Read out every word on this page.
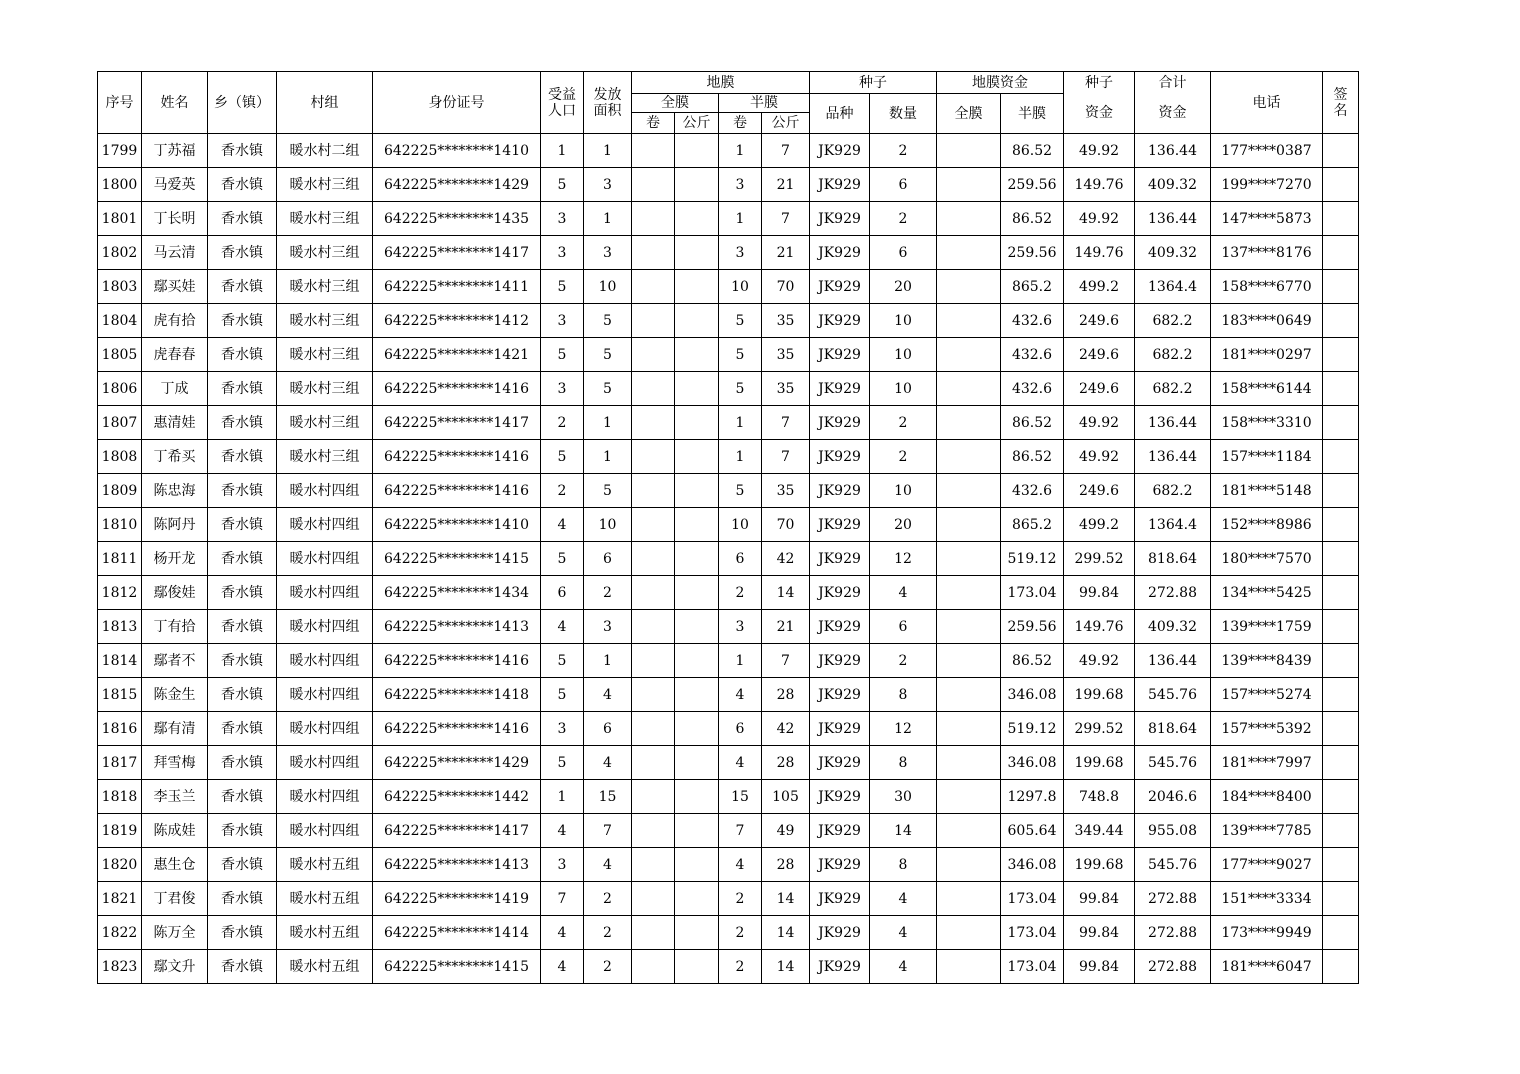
序号	姓名	乡（镇）	村组	身份证号	受益人口	发放面积	地膜				种子		地膜资金		种子	合计	电话	签名
							全膜		半膜		品种	数量	全膜	半膜	资金	资金		
							卷	公斤	卷	公斤								
1799	丁苏福	香水镇	暖水村二组	642225********1410	1	1			1	7	JK929	2		86.52	49.92	136.44	177****0387	
1800	马爱英	香水镇	暖水村三组	642225********1429	5	3			3	21	JK929	6		259.56	149.76	409.32	199****7270	
1801	丁长明	香水镇	暖水村三组	642225********1435	3	1			1	7	JK929	2		86.52	49.92	136.44	147****5873	
1802	马云清	香水镇	暖水村三组	642225********1417	3	3			3	21	JK929	6		259.56	149.76	409.32	137****8176	
1803	鄢买娃	香水镇	暖水村三组	642225********1411	5	10			10	70	JK929	20		865.2	499.2	1364.4	158****6770	
1804	虎有拾	香水镇	暖水村三组	642225********1412	3	5			5	35	JK929	10		432.6	249.6	682.2	183****0649	
1805	虎春春	香水镇	暖水村三组	642225********1421	5	5			5	35	JK929	10		432.6	249.6	682.2	181****0297	
1806	丁成	香水镇	暖水村三组	642225********1416	3	5			5	35	JK929	10		432.6	249.6	682.2	158****6144	
1807	惠清娃	香水镇	暖水村三组	642225********1417	2	1			1	7	JK929	2		86.52	49.92	136.44	158****3310	
1808	丁希买	香水镇	暖水村三组	642225********1416	5	1			1	7	JK929	2		86.52	49.92	136.44	157****1184	
1809	陈忠海	香水镇	暖水村四组	642225********1416	2	5			5	35	JK929	10		432.6	249.6	682.2	181****5148	
1810	陈阿丹	香水镇	暖水村四组	642225********1410	4	10			10	70	JK929	20		865.2	499.2	1364.4	152****8986	
1811	杨开龙	香水镇	暖水村四组	642225********1415	5	6			6	42	JK929	12		519.12	299.52	818.64	180****7570	
1812	鄢俊娃	香水镇	暖水村四组	642225********1434	6	2			2	14	JK929	4		173.04	99.84	272.88	134****5425	
1813	丁有拾	香水镇	暖水村四组	642225********1413	4	3			3	21	JK929	6		259.56	149.76	409.32	139****1759	
1814	鄢者不	香水镇	暖水村四组	642225********1416	5	1			1	7	JK929	2		86.52	49.92	136.44	139****8439	
1815	陈金生	香水镇	暖水村四组	642225********1418	5	4			4	28	JK929	8		346.08	199.68	545.76	157****5274	
1816	鄢有清	香水镇	暖水村四组	642225********1416	3	6			6	42	JK929	12		519.12	299.52	818.64	157****5392	
1817	拜雪梅	香水镇	暖水村四组	642225********1429	5	4			4	28	JK929	8		346.08	199.68	545.76	181****7997	
1818	李玉兰	香水镇	暖水村四组	642225********1442	1	15			15	105	JK929	30		1297.8	748.8	2046.6	184****8400	
1819	陈成娃	香水镇	暖水村四组	642225********1417	4	7			7	49	JK929	14		605.64	349.44	955.08	139****7785	
1820	惠生仓	香水镇	暖水村五组	642225********1413	3	4			4	28	JK929	8		346.08	199.68	545.76	177****9027	
1821	丁君俊	香水镇	暖水村五组	642225********1419	7	2			2	14	JK929	4		173.04	99.84	272.88	151****3334	
1822	陈万全	香水镇	暖水村五组	642225********1414	4	2			2	14	JK929	4		173.04	99.84	272.88	173****9949	
1823	鄢文升	香水镇	暖水村五组	642225********1415	4	2			2	14	JK929	4		173.04	99.84	272.88	181****6047	
